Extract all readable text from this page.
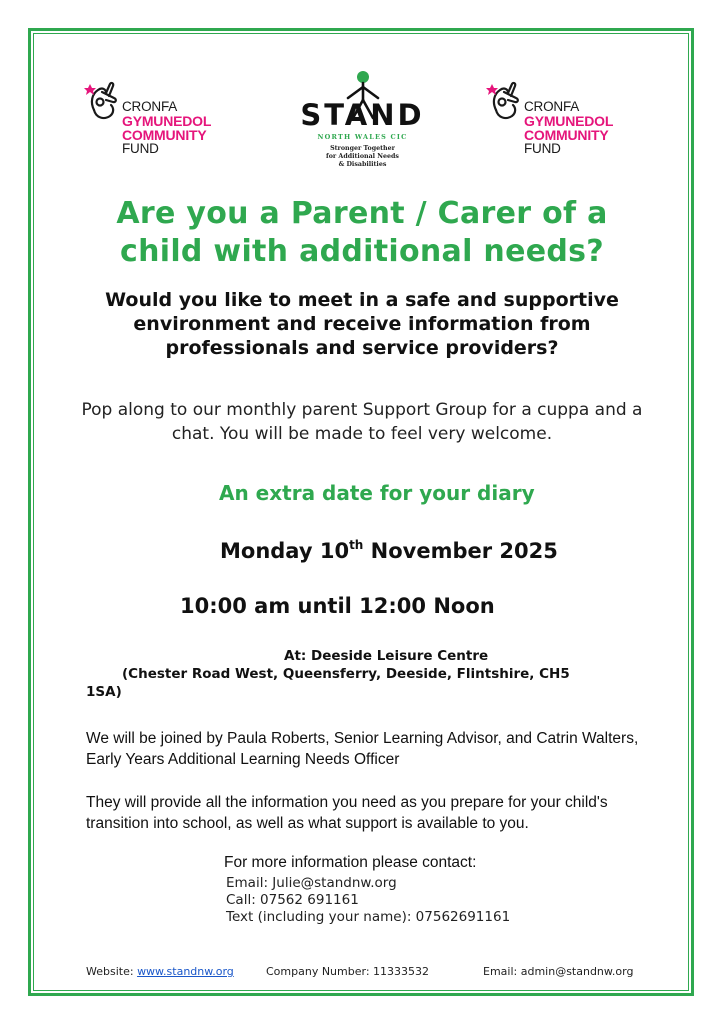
CRONFA
GYMUNEDOL
COMMUNITY
FUND
STAND
NORTH WALES CIC
Stronger Together
for Additional Needs
& Disabilities
CRONFA
GYMUNEDOL
COMMUNITY
FUND
Are you a Parent / Carer of a
child with additional needs?
Would you like to meet in a safe and supportive environment and receive information from professionals and service providers?
Pop along to our monthly parent Support Group for a cuppa and a chat. You will be made to feel very welcome.
An extra date for your diary
Monday 10th November 2025
10:00 am until 12:00 Noon
At: Deeside Leisure Centre
(Chester Road West, Queensferry, Deeside, Flintshire, CH5
1SA)
We will be joined by Paula Roberts, Senior Learning Advisor, and Catrin Walters, Early Years Additional Learning Needs Officer
They will provide all the information you need as you prepare for your child's transition into school, as well as what support is available to you.
For more information please contact:
Email: Julie@standnw.org
Call: 07562 691161
Text (including your name): 07562691161
Website: www.standnw.org	Company Number: 11333532	Email: admin@standnw.org
